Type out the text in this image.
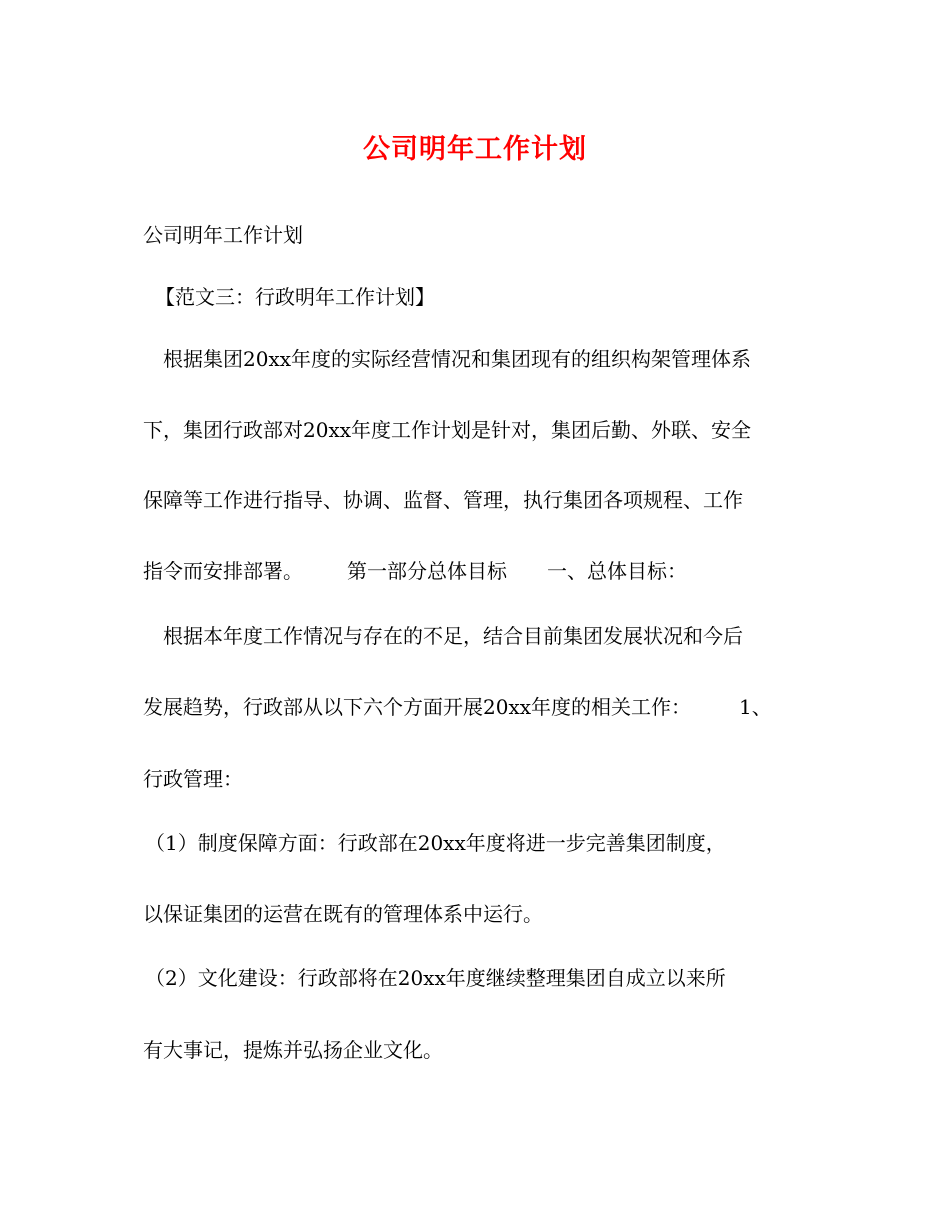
公司明年工作计划
公司明年工作计划
【范文三：行政明年工作计划】
根据集团20xx年度的实际经营情况和集团现有的组织构架管理体系
下，集团行政部对20xx年度工作计划是针对，集团后勤、外联、安全
保障等工作进行指导、协调、监督、管理，执行集团各项规程、工作
指令而安排部署。 第一部分总体目标 一、总体目标：
根据本年度工作情况与存在的不足，结合目前集团发展状况和今后
发展趋势，行政部从以下六个方面开展20xx年度的相关工作： 1、
行政管理：
（1）制度保障方面：行政部在20xx年度将进一步完善集团制度，
以保证集团的运营在既有的管理体系中运行。
（2）文化建设：行政部将在20xx年度继续整理集团自成立以来所
有大事记，提炼并弘扬企业文化。
